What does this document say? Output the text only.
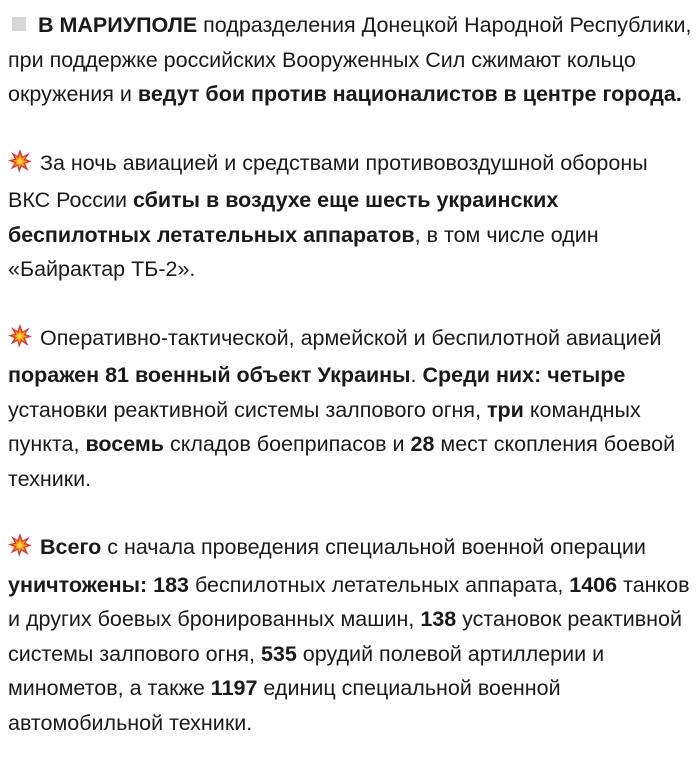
В МАРИУПОЛЕ подразделения Донецкой Народной Республики, при поддержке российских Вооруженных Сил сжимают кольцо окружения и ведут бои против националистов в центре города.

За ночь авиацией и средствами противовоздушной обороны ВКС России сбиты в воздухе еще шесть украинских беспилотных летательных аппаратов, в том числе один «Байрактар ТБ-2».

Оперативно-тактической, армейской и беспилотной авиацией поражен 81 военный объект Украины. Среди них: четыре установки реактивной системы залпового огня, три командных пункта, восемь складов боеприпасов и 28 мест скопления боевой техники.

Всего с начала проведения специальной военной операции уничтожены: 183 беспилотных летательных аппарата, 1406 танков и других боевых бронированных машин, 138 установок реактивной системы залпового огня, 535 орудий полевой артиллерии и минометов, а также 1197 единиц специальной военной автомобильной техники.
